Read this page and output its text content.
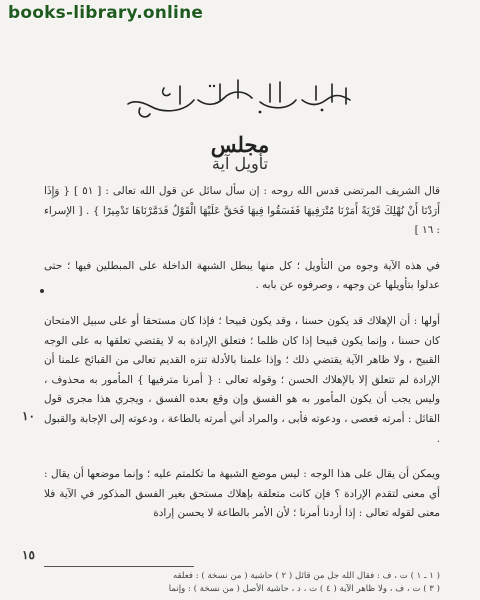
books-library.online
بسم الله الرحمن الرحيم
مجلس
تأويل آية

قال الشريف المرتضى قدس الله روحه : إن سأل سائل عن قول الله تعالى : [ ٥١ ] { وَإِذَا أَرَدْنَا أَنْ نُهْلِكَ قَرْيَةً أَمَرْنَا مُتْرَفِيهَا فَفَسَقُوا فِيهَا فَحَقَّ عَلَيْهَا الْقَوْلُ فَدَمَّرْنَاهَا تَدْمِيرًا } . [ الإسراء : ١٦ ]

في هذه الآية وجوه من التأويل ؛ كل منها يبطل الشبهة الداخلة على المبطلين فيها ؛ حتى عدلوا بتأويلها عن وجهه ، وصرفوه عن بابه .

أولها : أن الإهلاك قد يكون حسنا ، وقد يكون قبيحا ؛ فإذا كان مستحقا أو على سبيل الامتحان كان حسنا ، وإنما يكون قبيحا إذا كان ظلما ؛ فتعلق الإرادة به لا يقتضي تعلقها به على الوجه القبيح ، ولا ظاهر الآية يقتضي ذلك ؛ وإذا علمنا بالأدلة تنزه القديم تعالى من القبائح علمنا أن الإرادة لم تتعلق إلا بالإهلاك الحسن ؛ وقوله تعالى : { أمرنا مترفيها } المأمور به محذوف ، وليس يجب أن يكون المأمور به هو الفسق وإن وقع بعده الفسق ، ويجري هذا مجرى قول القائل : أمرته فعصى ، ودعوته فأبى ، والمراد أني أمرته بالطاعة ، ودعوته إلى الإجابة والقبول .

ويمكن أن يقال على هذا الوجه : ليس موضع الشبهة ما تكلمتم عليه ؛ وإنما موضعها أن يقال : أي معنى لتقدم الإرادة ؟ فإن كانت متعلقة بإهلاك مستحق بغير الفسق المذكور في الآية فلا معنى لقوله تعالى : إذا أردنا أمرنا ؛ لأن الأمر بالطاعة لا يحسن إرادة

١٠
١٥
( ١ ـ ١ ) ت ، ف : فقال الله جل من قائل ( ٢ ) حاشية ( من نسخة ) : فعلقه
( ٣ ) ت ، ف ، ولا ظاهر الآية ( ٤ ) ت ، د ، حاشية الأصل ( من نسخة ) : وإنما
